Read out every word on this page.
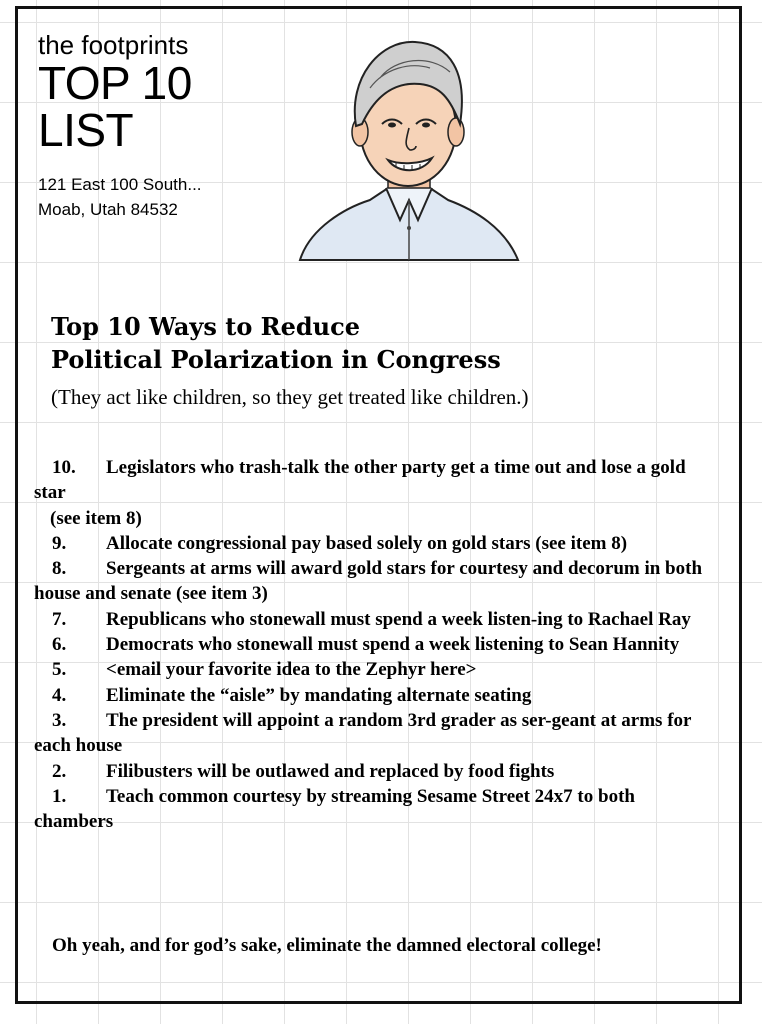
the footprints
TOP 10
LIST
121 East 100 South...
Moab, Utah 84532
Top 10 Ways to Reduce
Political Polarization in Congress
(They act like children, so they get treated like children.)

10. Legislators who trash-talk the other party get a time out and lose a gold star
(see item 8)

9. Allocate congressional pay based solely on gold stars (see item 8)

8. Sergeants at arms will award gold stars for courtesy and decorum in both house and senate (see item 3)

7. Republicans who stonewall must spend a week listen-ing to Rachael Ray

6. Democrats who stonewall must spend a week listening to Sean Hannity

5. <email your favorite idea to the Zephyr here>

4. Eliminate the “aisle” by mandating alternate seating

3. The president will appoint a random 3rd grader as ser-geant at arms for each house

2. Filibusters will be outlawed and replaced by food fights

1. Teach common courtesy by streaming Sesame Street 24x7 to both chambers

Oh yeah, and for god’s sake, eliminate the damned electoral college!
